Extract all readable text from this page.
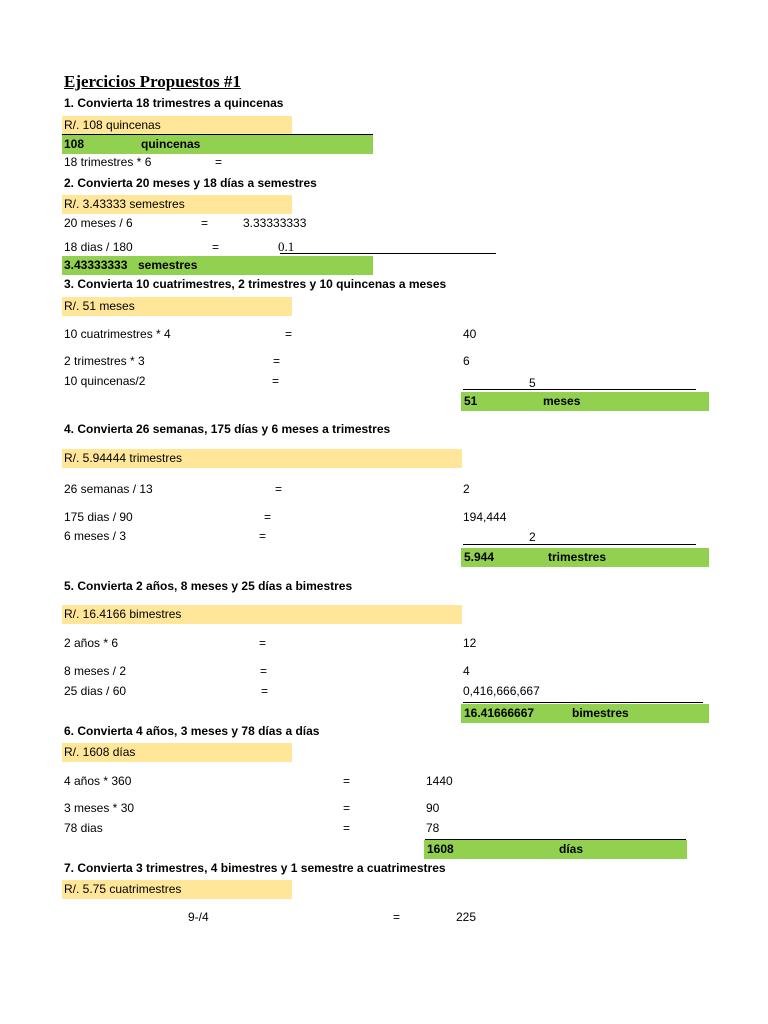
Ejercicios Propuestos #1
1. Convierta 18 trimestres a quincenas
R/. 108 quincenas
108	quincenas
18 trimestres * 6	=
2. Convierta 20 meses y 18 días a semestres
R/. 3.43333 semestres
20 meses / 6	=	3.33333333
18 dias / 180	=	0.1
3.43333333 semestres
3. Convierta 10 cuatrimestres, 2 trimestres y 10 quincenas a meses
R/. 51 meses
10 cuatrimestres * 4	=	40
2 trimestres * 3	=	6
10 quincenas/2	=	5
51	meses
4. Convierta 26 semanas, 175 días y 6 meses a trimestres
R/. 5.94444 trimestres
26 semanas / 13	=	2
175 dias / 90	=	194,444
6 meses / 3	=	2
5.944	trimestres
5. Convierta 2 años, 8 meses y 25 días a bimestres
R/. 16.4166 bimestres
2 años * 6	=	12
8 meses / 2	=	4
25 dias / 60	=	0,416,666,667
16.41666667	bimestres
6. Convierta 4 años, 3 meses y 78 días a días
R/. 1608 días
4 años * 360	=	1440
3 meses * 30	=	90
78 dias	=	78
1608	días
7. Convierta 3 trimestres, 4 bimestres y 1 semestre a cuatrimestres
R/. 5.75 cuatrimestres
9-/4	=	225
